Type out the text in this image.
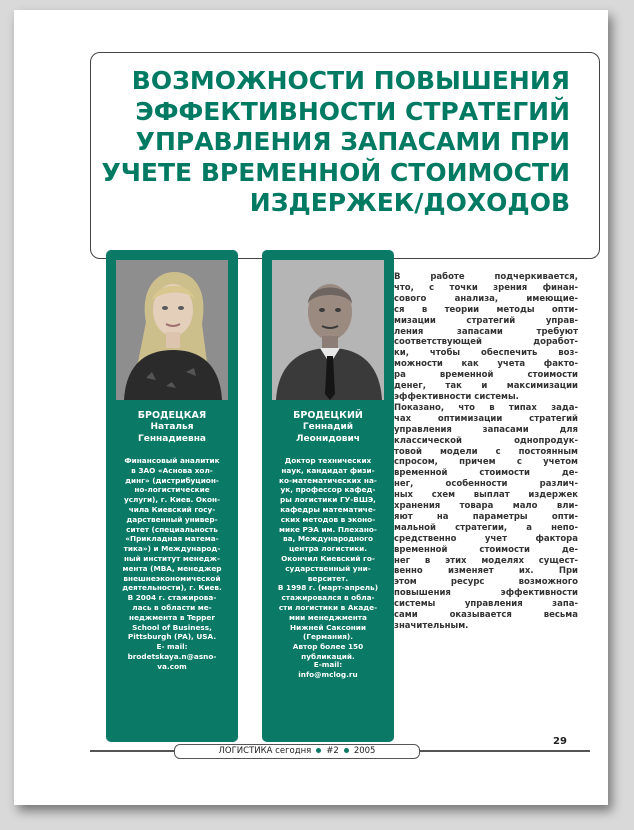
ВОЗМОЖНОСТИ ПОВЫШЕНИЯ
ЭФФЕКТИВНОСТИ СТРАТЕГИЙ
УПРАВЛЕНИЯ ЗАПАСАМИ ПРИ
УЧЕТЕ ВРЕМЕННОЙ СТОИМОСТИ
ИЗДЕРЖЕК/ДОХОДОВ
БРОДЕЦКАЯ
Наталья
Геннадиевна
Финансовый аналитик
в ЗАО «Аснова хол-
динг» (дистрибуцион-
но-логистические
услуги), г. Киев. Окон-
чила Киевский госу-
дарственный универ-
ситет (специальность
«Прикладная матема-
тика») и Международ-
ный институт менедж-
мента (МВА, менеджер
внешнеэкономической
деятельности), г. Киев.
В 2004 г. стажирова-
лась в области ме-
неджмента в Tepper
School of Business,
Pittsburgh (PA), USA.
E- mail:
brodetskaya.n@asno-
va.com
БРОДЕЦКИЙ
Геннадий
Леонидович
Доктор технических
наук, кандидат физи-
ко-математических на-
ук, профессор кафед-
ры логистики ГУ-ВШЭ,
кафедры математиче-
ских методов в эконо-
мике РЭА им. Плехано-
ва, Международного
центра логистики.
Окончил Киевский го-
сударственный уни-
верситет.
В 1998 г. (март-апрель)
стажировался в обла-
сти логистики в Акаде-
мии менеджмента
Нижней Саксонии
(Германия).
Автор более 150
публикаций.
E-mail:
info@mclog.ru
В работе подчеркивается,
что, с точки зрения финан-
сового анализа, имеющие-
ся в теории методы опти-
мизации стратегий управ-
ления запасами требуют
соответствующей доработ-
ки, чтобы обеспечить воз-
можности как учета факто-
ра временной стоимости
денег, так и максимизации
эффективности системы.
Показано, что в типах зада-
чах оптимизации стратегий
управления запасами для
классической однопродук-
товой модели с постоянным
спросом, причем с учетом
временной стоимости де-
нег, особенности различ-
ных схем выплат издержек
хранения товара мало вли-
яют на параметры опти-
мальной стратегии, а непо-
средственно учет фактора
временной стоимости де-
нег в этих моделях сущест-
венно изменяет их. При
этом ресурс возможного
повышения эффективности
системы управления запа-
сами оказывается весьма
значительным.
ЛОГИСТИКА сегодня #2 2005
29
